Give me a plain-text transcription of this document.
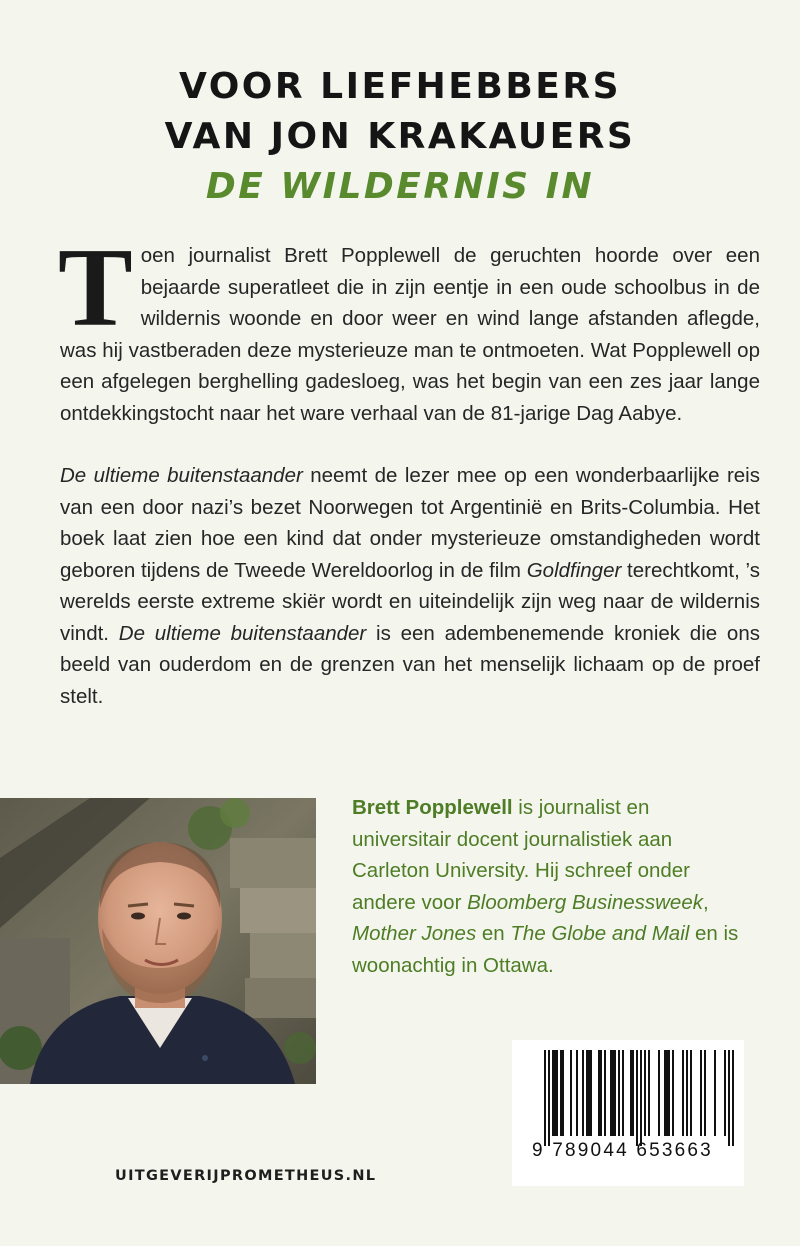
VOOR LIEFHEBBERS
VAN JON KRAKAUERS
DE WILDERNIS IN

Toen journalist Brett Popplewell de geruchten hoorde over een bejaarde superatleet die in zijn eentje in een oude schoolbus in de wildernis woonde en door weer en wind lange afstanden aflegde, was hij vastberaden deze mysterieuze man te ontmoeten. Wat Popplewell op een afgelegen berghelling gadesloeg, was het begin van een zes jaar lange ontdekkingstocht naar het ware verhaal van de 81-jarige Dag Aabye.

De ultieme buitenstaander neemt de lezer mee op een wonderbaarlijke reis van een door nazi’s bezet Noorwegen tot Argentinië en Brits-Columbia. Het boek laat zien hoe een kind dat onder mysterieuze omstandigheden wordt geboren tijdens de Tweede Wereldoorlog in de film Goldfinger terechtkomt, ’s werelds eerste extreme skiër wordt en uiteindelijk zijn weg naar de wildernis vindt. De ultieme buitenstaander is een adembenemende kroniek die ons beeld van ouderdom en de grenzen van het menselijk lichaam op de proef stelt.

Brett Popplewell is journalist en universitair docent journalistiek aan Carleton University. Hij schreef onder andere voor Bloomberg Businessweek, Mother Jones en The Globe and Mail en is woonachtig in Ottawa.
9 789044 653663
UITGEVERIJPROMETHEUS.NL
